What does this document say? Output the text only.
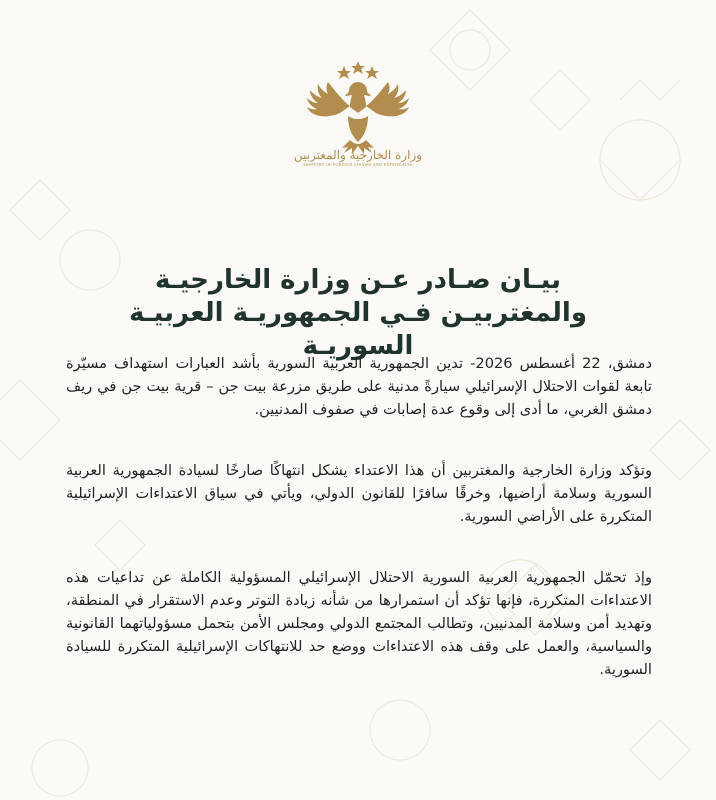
وزارة الخارجية والمغتربين
MINISTRY OF FOREIGN AFFAIRS AND EXPATRIATES
بيـان صـادر عـن وزارة الخارجيـة
والمغتربيـن فـي الجمهوريـة العربيـة السوريـة

دمشق، 22 أغسطس 2026- تدين الجمهورية العربية السورية بأشد العبارات استهداف مسيّرة تابعة لقوات الاحتلال الإسرائيلي سيارةً مدنية على طريق مزرعة بيت جن – قرية بيت جن في ريف دمشق الغربي، ما أدى إلى وقوع عدة إصابات في صفوف المدنيين.

وتؤكد وزارة الخارجية والمغتربين أن هذا الاعتداء يشكل انتهاكًا صارخًا لسيادة الجمهورية العربية السورية وسلامة أراضيها، وخرقًا سافرًا للقانون الدولي، ويأتي في سياق الاعتداءات الإسرائيلية المتكررة على الأراضي السورية.

وإذ تحمّل الجمهورية العربية السورية الاحتلال الإسرائيلي المسؤولية الكاملة عن تداعيات هذه الاعتداءات المتكررة، فإنها تؤكد أن استمرارها من شأنه زيادة التوتر وعدم الاستقرار في المنطقة، وتهديد أمن وسلامة المدنيين، وتطالب المجتمع الدولي ومجلس الأمن بتحمل مسؤولياتهما القانونية والسياسية، والعمل على وقف هذه الاعتداءات ووضع حد للانتهاكات الإسرائيلية المتكررة للسيادة السورية.
